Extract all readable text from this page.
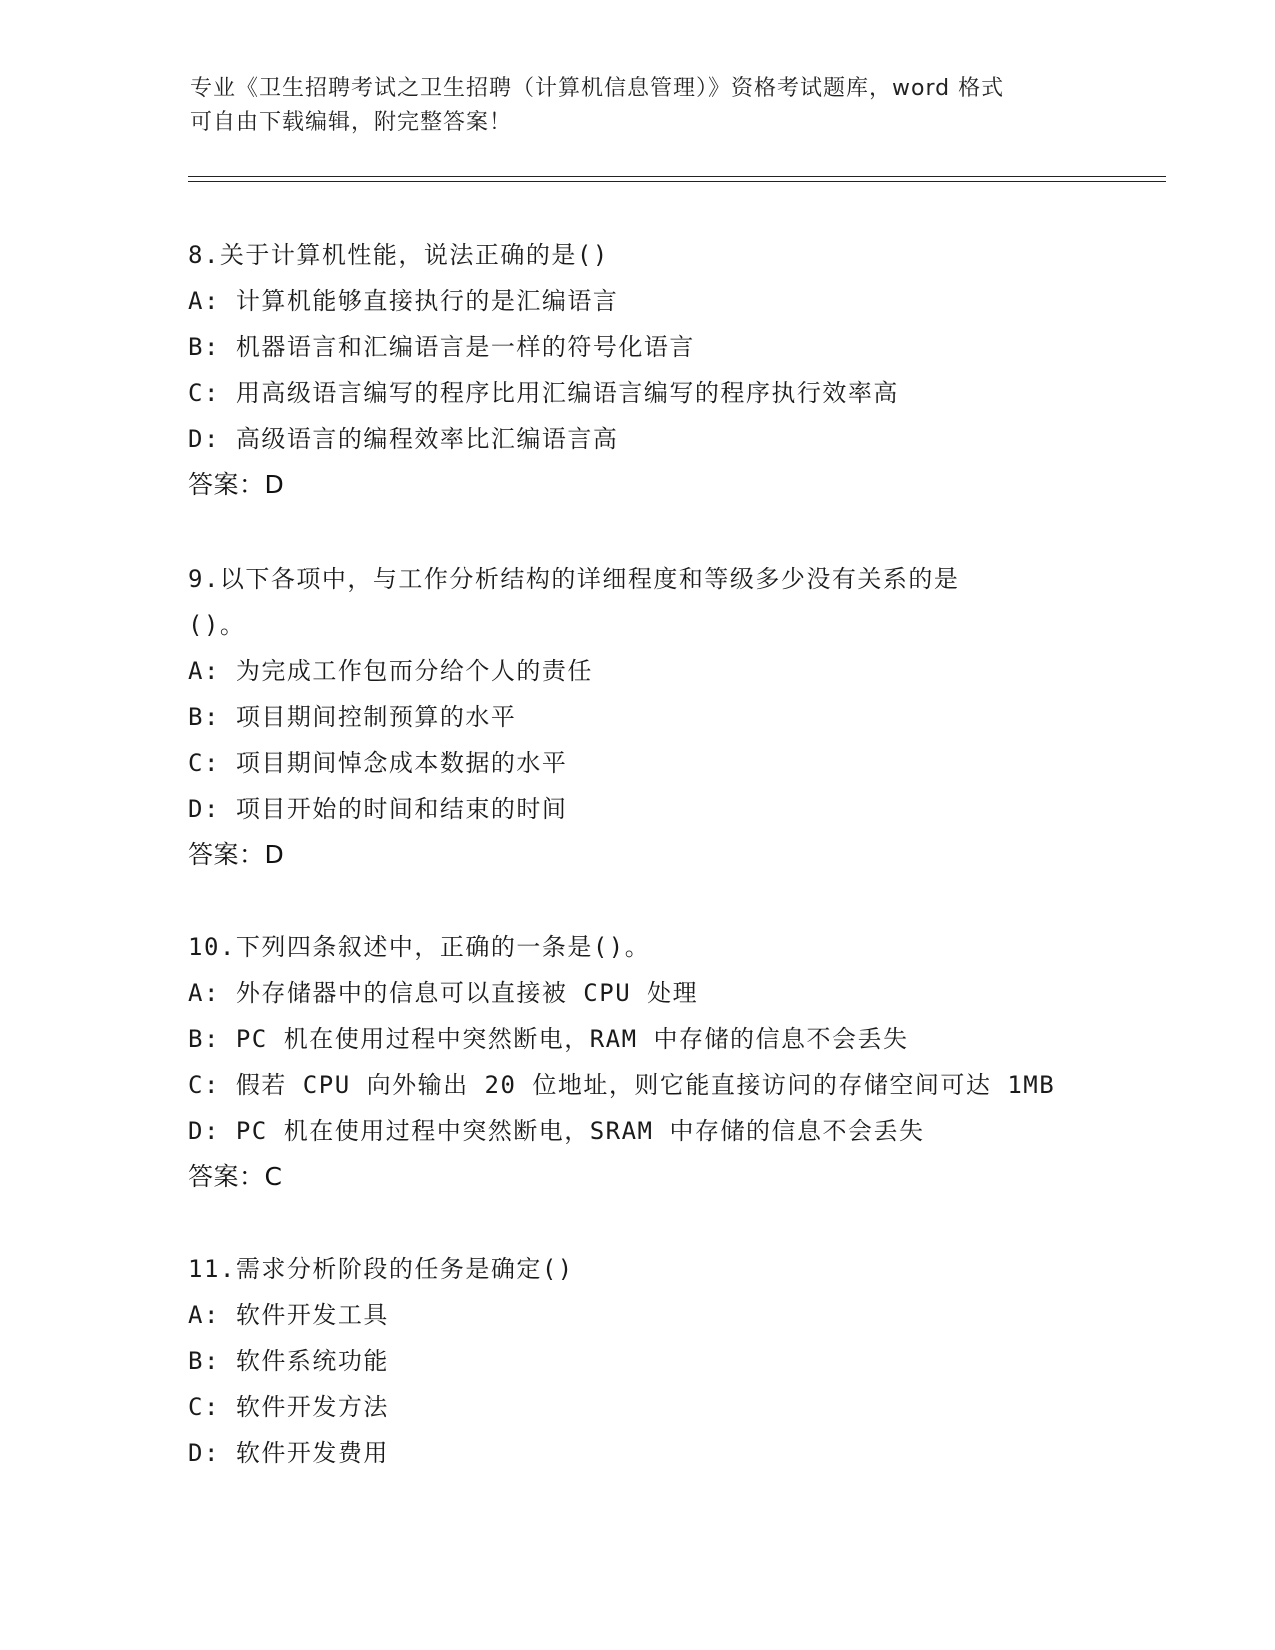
专业《卫生招聘考试之卫生招聘（计算机信息管理）》资格考试题库，word 格式
可自由下载编辑，附完整答案！
8.关于计算机性能，说法正确的是()
A: 计算机能够直接执行的是汇编语言
B: 机器语言和汇编语言是一样的符号化语言
C: 用高级语言编写的程序比用汇编语言编写的程序执行效率高
D: 高级语言的编程效率比汇编语言高
答案：D
9.以下各项中，与工作分析结构的详细程度和等级多少没有关系的是
()。
A: 为完成工作包而分给个人的责任
B: 项目期间控制预算的水平
C: 项目期间悼念成本数据的水平
D: 项目开始的时间和结束的时间
答案：D
10.下列四条叙述中，正确的一条是()。
A: 外存储器中的信息可以直接被 CPU 处理
B: PC 机在使用过程中突然断电，RAM 中存储的信息不会丢失
C: 假若 CPU 向外输出 20 位地址，则它能直接访问的存储空间可达 1MB
D: PC 机在使用过程中突然断电，SRAM 中存储的信息不会丢失
答案：C
11.需求分析阶段的任务是确定()
A: 软件开发工具
B: 软件系统功能
C: 软件开发方法
D: 软件开发费用
